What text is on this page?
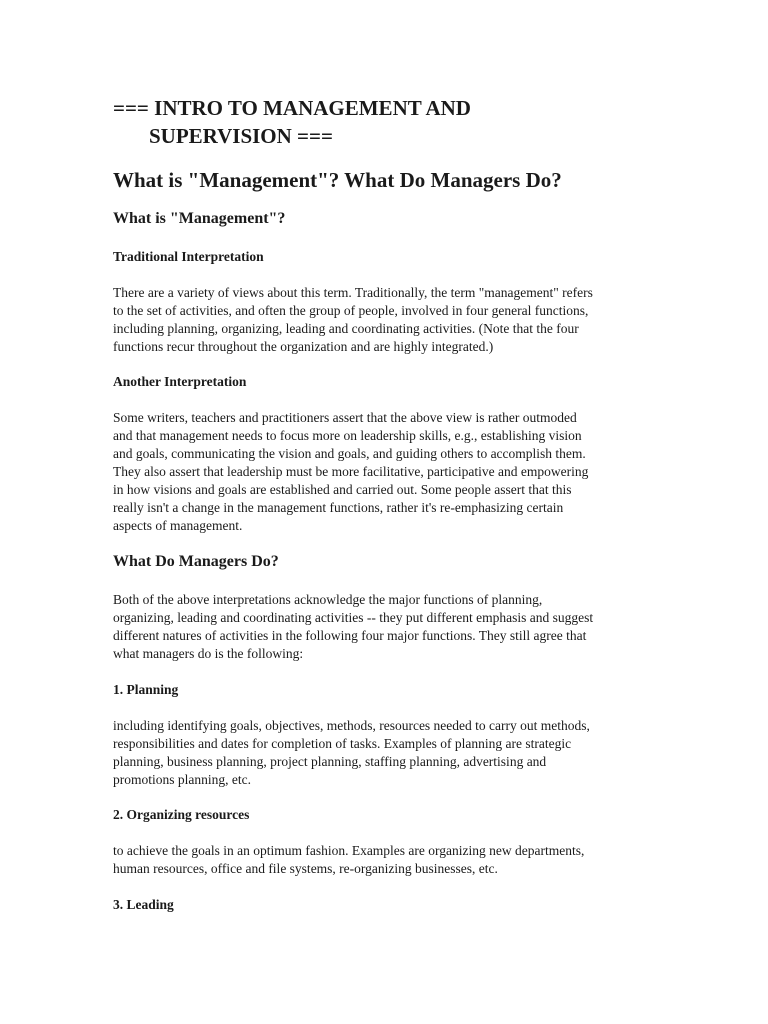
=== INTRO TO MANAGEMENT AND SUPERVISION ===
What is "Management"? What Do Managers Do?
What is "Management"?
Traditional Interpretation

There are a variety of views about this term. Traditionally, the term "management" refers
to the set of activities, and often the group of people, involved in four general functions,
including planning, organizing, leading and coordinating activities. (Note that the four
functions recur throughout the organization and are highly integrated.)

Another Interpretation

Some writers, teachers and practitioners assert that the above view is rather outmoded
and that management needs to focus more on leadership skills, e.g., establishing vision
and goals, communicating the vision and goals, and guiding others to accomplish them.
They also assert that leadership must be more facilitative, participative and empowering
in how visions and goals are established and carried out. Some people assert that this
really isn't a change in the management functions, rather it's re-emphasizing certain
aspects of management.

What Do Managers Do?

Both of the above interpretations acknowledge the major functions of planning,
organizing, leading and coordinating activities -- they put different emphasis and suggest
different natures of activities in the following four major functions. They still agree that
what managers do is the following:

1. Planning

including identifying goals, objectives, methods, resources needed to carry out methods,
responsibilities and dates for completion of tasks. Examples of planning are strategic
planning, business planning, project planning, staffing planning, advertising and
promotions planning, etc.

2. Organizing resources

to achieve the goals in an optimum fashion. Examples are organizing new departments,
human resources, office and file systems, re-organizing businesses, etc.

3. Leading
